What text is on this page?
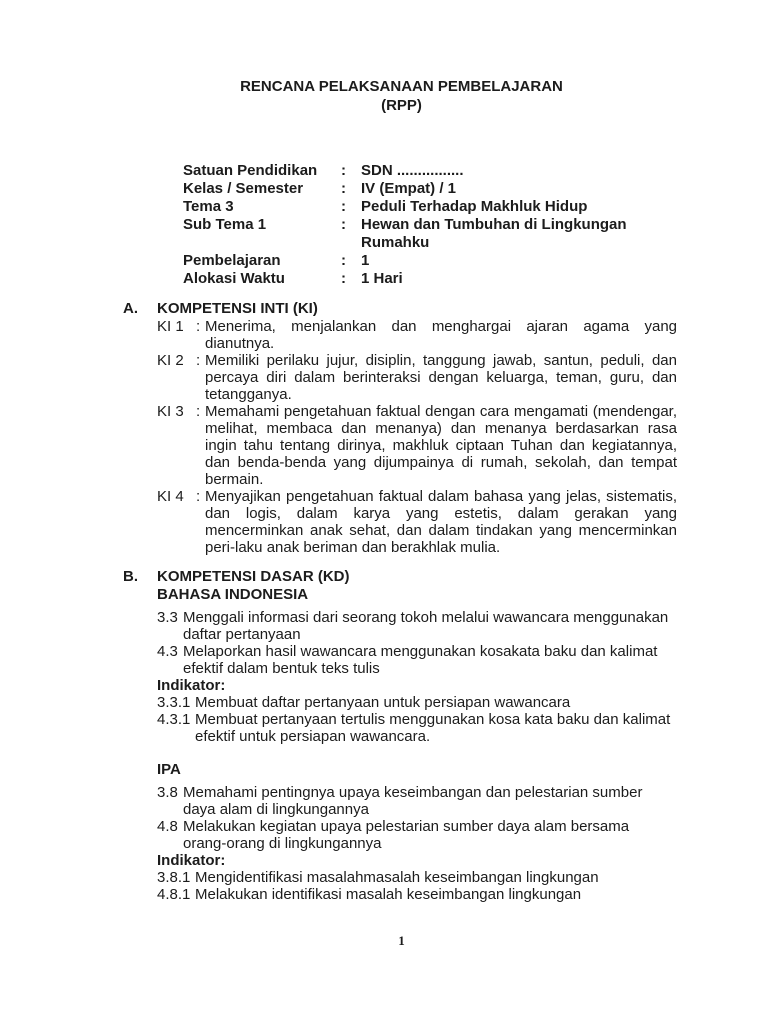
RENCANA PELAKSANAAN PEMBELAJARAN
(RPP)
Satuan Pendidikan	:	SDN ................
Kelas / Semester	:	IV (Empat) / 1
Tema 3	:	Peduli Terhadap Makhluk Hidup
Sub Tema 1	:	Hewan dan Tumbuhan di Lingkungan Rumahku
Pembelajaran	:	1
Alokasi Waktu	:	1 Hari
A.	KOMPETENSI INTI (KI)
KI 1 : Menerima, menjalankan dan menghargai ajaran agama yang dianutnya.
KI 2 : Memiliki perilaku jujur, disiplin, tanggung jawab, santun, peduli, dan percaya diri dalam berinteraksi dengan keluarga, teman, guru, dan tetangganya.
KI 3 : Memahami pengetahuan faktual dengan cara mengamati (mendengar, melihat, membaca dan menanya) dan menanya berdasarkan rasa ingin tahu tentang dirinya, makhluk ciptaan Tuhan dan kegiatannya, dan benda-benda yang dijumpainya di rumah, sekolah, dan tempat bermain.
KI 4 : Menyajikan pengetahuan faktual dalam bahasa yang jelas, sistematis, dan logis, dalam karya yang estetis, dalam gerakan yang mencerminkan anak sehat, dan dalam tindakan yang mencerminkan peri-laku anak beriman dan berakhlak mulia.
B.	KOMPETENSI DASAR (KD)
BAHASA INDONESIA
3.3 Menggali informasi dari seorang tokoh melalui wawancara menggunakan daftar pertanyaan
4.3 Melaporkan hasil wawancara menggunakan kosakata baku dan kalimat efektif dalam bentuk teks tulis
Indikator:
3.3.1 Membuat daftar pertanyaan untuk persiapan wawancara
4.3.1 Membuat pertanyaan tertulis menggunakan kosa kata baku dan kalimat efektif untuk persiapan wawancara.
IPA
3.8 Memahami pentingnya upaya keseimbangan dan pelestarian sumber daya alam di lingkungannya
4.8 Melakukan kegiatan upaya pelestarian sumber daya alam bersama orang-orang di lingkungannya
Indikator:
3.8.1 Mengidentifikasi masalahmasalah keseimbangan lingkungan
4.8.1 Melakukan identifikasi masalah keseimbangan lingkungan
1
